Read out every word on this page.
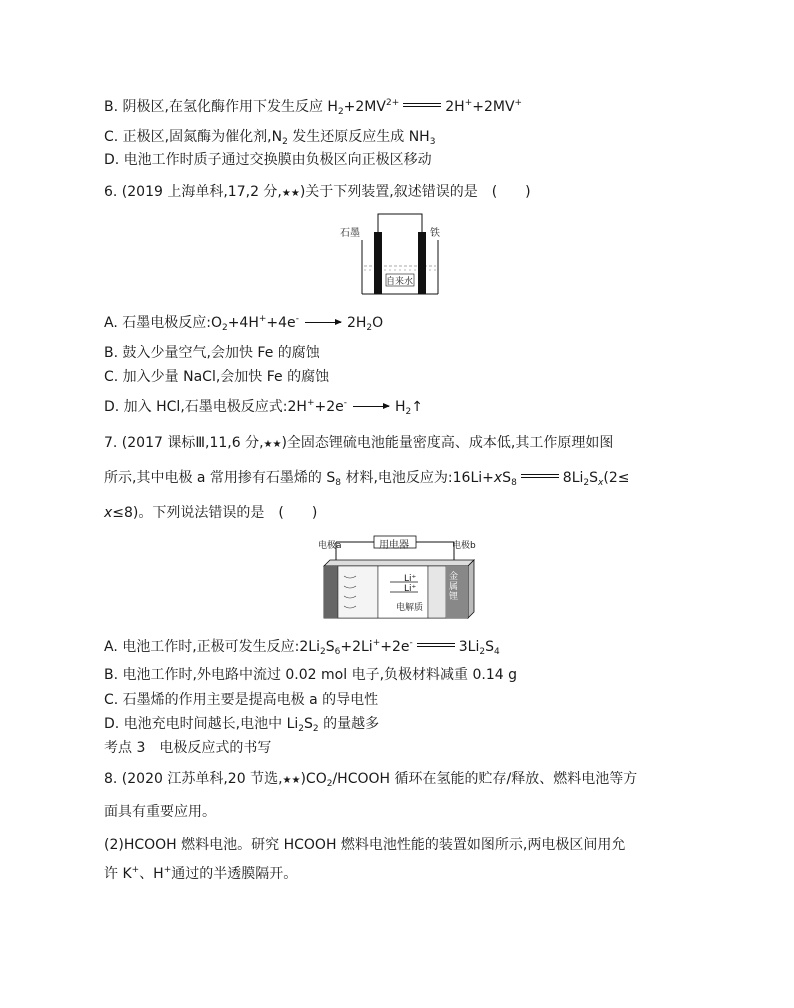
B. 阴极区,在氢化酶作用下发生反应 $H_2+2MV^{2+}$	2H++2MV+
C. 正极区,固氮酶为催化剂$,N_2$ 发生还原反应生成 $NH_3$
D. 电池工作时质子通过交换膜由负极区向正极区移动
6. (2019 上海单科,17,2 分,★★)关于下列装置,叙述错误的是　(　　)
石墨	铁
自来水
A. 石墨电极反应$:O_2+4H^++4e^- \to 2H_2O$
B. 鼓入少量空气,会加快 Fe 的腐蚀
C. 加入少量 NaCl,会加快 Fe 的腐蚀
D. 加入 HCl,石墨电极反应式:2H++2e- → $H_2↑$
7. (2017 课标Ⅲ,11,6 分,★★)全固态锂硫电池能量密度高、成本低,其工作原理如图
所示,其中电极 a 常用掺有石墨烯的 $S_8$ 材料,电池反应为$:16Li+xS_8$	$8Li_2S_x(2\le$
x≤8)。下列说法错误的是　(　　)
电极a	电极b
用电器
Li⁺
Li⁺
电解质
金属锂
A. 电池工作时,正极可发生反应$:2Li_2S_6+2Li^++2e^-$	$3Li_2S_4$
B. 电池工作时,外电路中流过 0.02 mol 电子,负极材料减重 0.14 g
C. 石墨烯的作用主要是提高电极 a 的导电性
D. 电池充电时间越长,电池中 $Li_2S_2$ 的量越多
考点 3　电极反应式的书写
8. (2020 江苏单科,20 节选$,★★)CO_2$/HCOOH 循环在氢能的贮存/释放、燃料电池等方
面具有重要应用。
(2)HCOOH 燃料电池。研究 HCOOH 燃料电池性能的装置如图所示,两电极区间用允
许 K+、H+通过的半透膜隔开。
